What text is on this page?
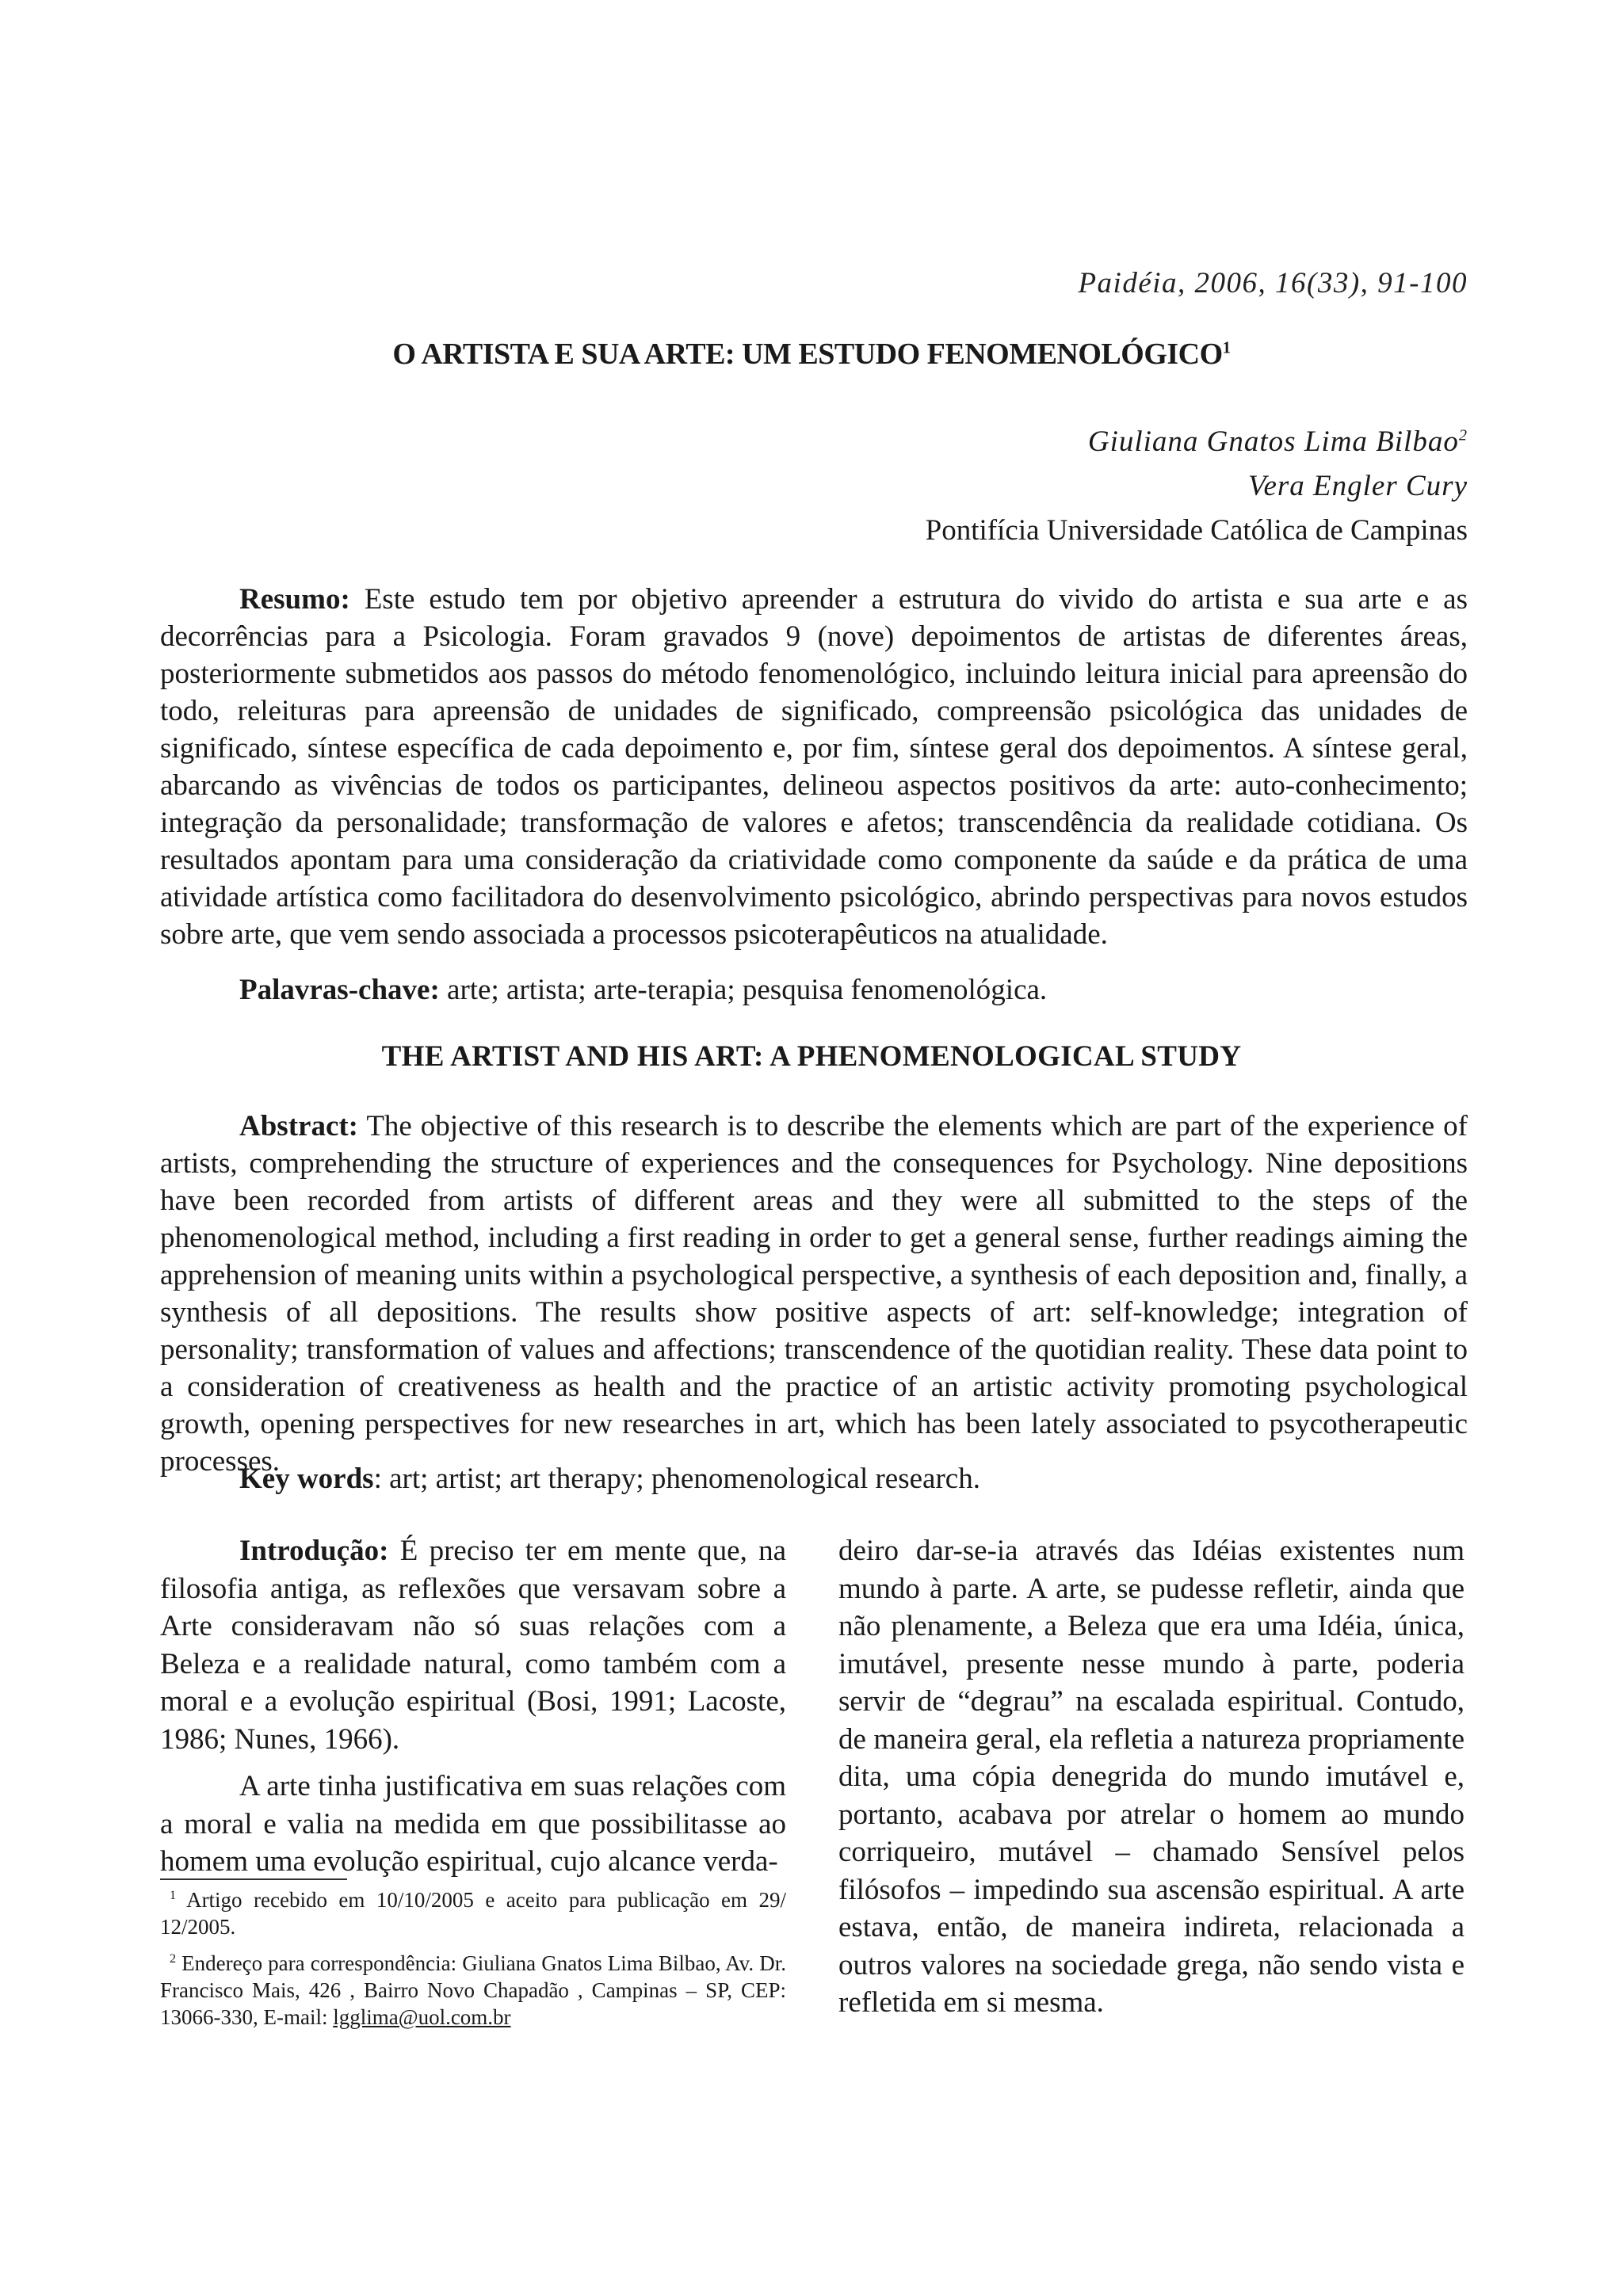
Paidéia, 2006, 16(33), 91-100
O ARTISTA E SUA ARTE: UM ESTUDO FENOMENOLÓGICO$^1$
Giuliana Gnatos Lima Bilbao$^2$
Vera Engler Cury
Pontifícia Universidade Católica de Campinas

Resumo: Este estudo tem por objetivo apreender a estrutura do vivido do artista e sua arte e as decorrências para a Psicologia. Foram gravados 9 (nove) depoimentos de artistas de diferentes áreas, posteriormente submetidos aos passos do método fenomenológico, incluindo leitura inicial para apreensão do todo, releituras para apreensão de unidades de significado, compreensão psicológica das unidades de significado, síntese específica de cada depoimento e, por fim, síntese geral dos depoimentos. A síntese geral, abarcando as vivências de todos os participantes, delineou aspectos positivos da arte: auto-conhecimento; integração da personalidade; transformação de valores e afetos; transcendência da realidade cotidiana. Os resultados apontam para uma consideração da criatividade como componente da saúde e da prática de uma atividade artística como facilitadora do desenvolvimento psicológico, abrindo perspectivas para novos estudos sobre arte, que vem sendo associada a processos psicoterapêuticos na atualidade.

Palavras-chave: arte; artista; arte-terapia; pesquisa fenomenológica.

THE ARTIST AND HIS ART: A PHENOMENOLOGICAL STUDY

Abstract: The objective of this research is to describe the elements which are part of the experience of artists, comprehending the structure of experiences and the consequences for Psychology. Nine depositions have been recorded from artists of different areas and they were all submitted to the steps of the phenomenological method, including a first reading in order to get a general sense, further readings aiming the apprehension of meaning units within a psychological perspective, a synthesis of each deposition and, finally, a synthesis of all depositions. The results show positive aspects of art: self-knowledge; integration of personality; transformation of values and affections; transcendence of the quotidian reality. These data point to a consideration of creativeness as health and the practice of an artistic activity promoting psychological growth, opening perspectives for new researches in art, which has been lately associated to psycotherapeutic processes.

Key words: art; artist; art therapy; phenomenological research.

Introdução: É preciso ter em mente que, na filosofia antiga, as reflexões que versavam sobre a Arte consideravam não só suas relações com a Beleza e a realidade natural, como também com a moral e a evolução espiritual (Bosi, 1991; Lacoste, 1986; Nunes, 1966).

A arte tinha justificativa em suas relações com a moral e valia na medida em que possibilitasse ao homem uma evolução espiritual, cujo alcance verda-

$^1$ Artigo recebido em 10/10/2005 e aceito para publicação em 29/ 12/2005.

$^2$ Endereço para correspondência: Giuliana Gnatos Lima Bilbao, Av. Dr. Francisco Mais, 426 , Bairro Novo Chapadão , Campinas – SP, CEP: 13066-330, E-mail: lgglima@uol.com.br

deiro dar-se-ia através das Idéias existentes num mundo à parte. A arte, se pudesse refletir, ainda que não plenamente, a Beleza que era uma Idéia, única, imutável, presente nesse mundo à parte, poderia servir de “degrau” na escalada espiritual. Contudo, de maneira geral, ela refletia a natureza propriamente dita, uma cópia denegrida do mundo imutável e, portanto, acabava por atrelar o homem ao mundo corriqueiro, mutável – chamado Sensível pelos filósofos – impedindo sua ascensão espiritual. A arte estava, então, de maneira indireta, relacionada a outros valores na sociedade grega, não sendo vista e refletida em si mesma.
